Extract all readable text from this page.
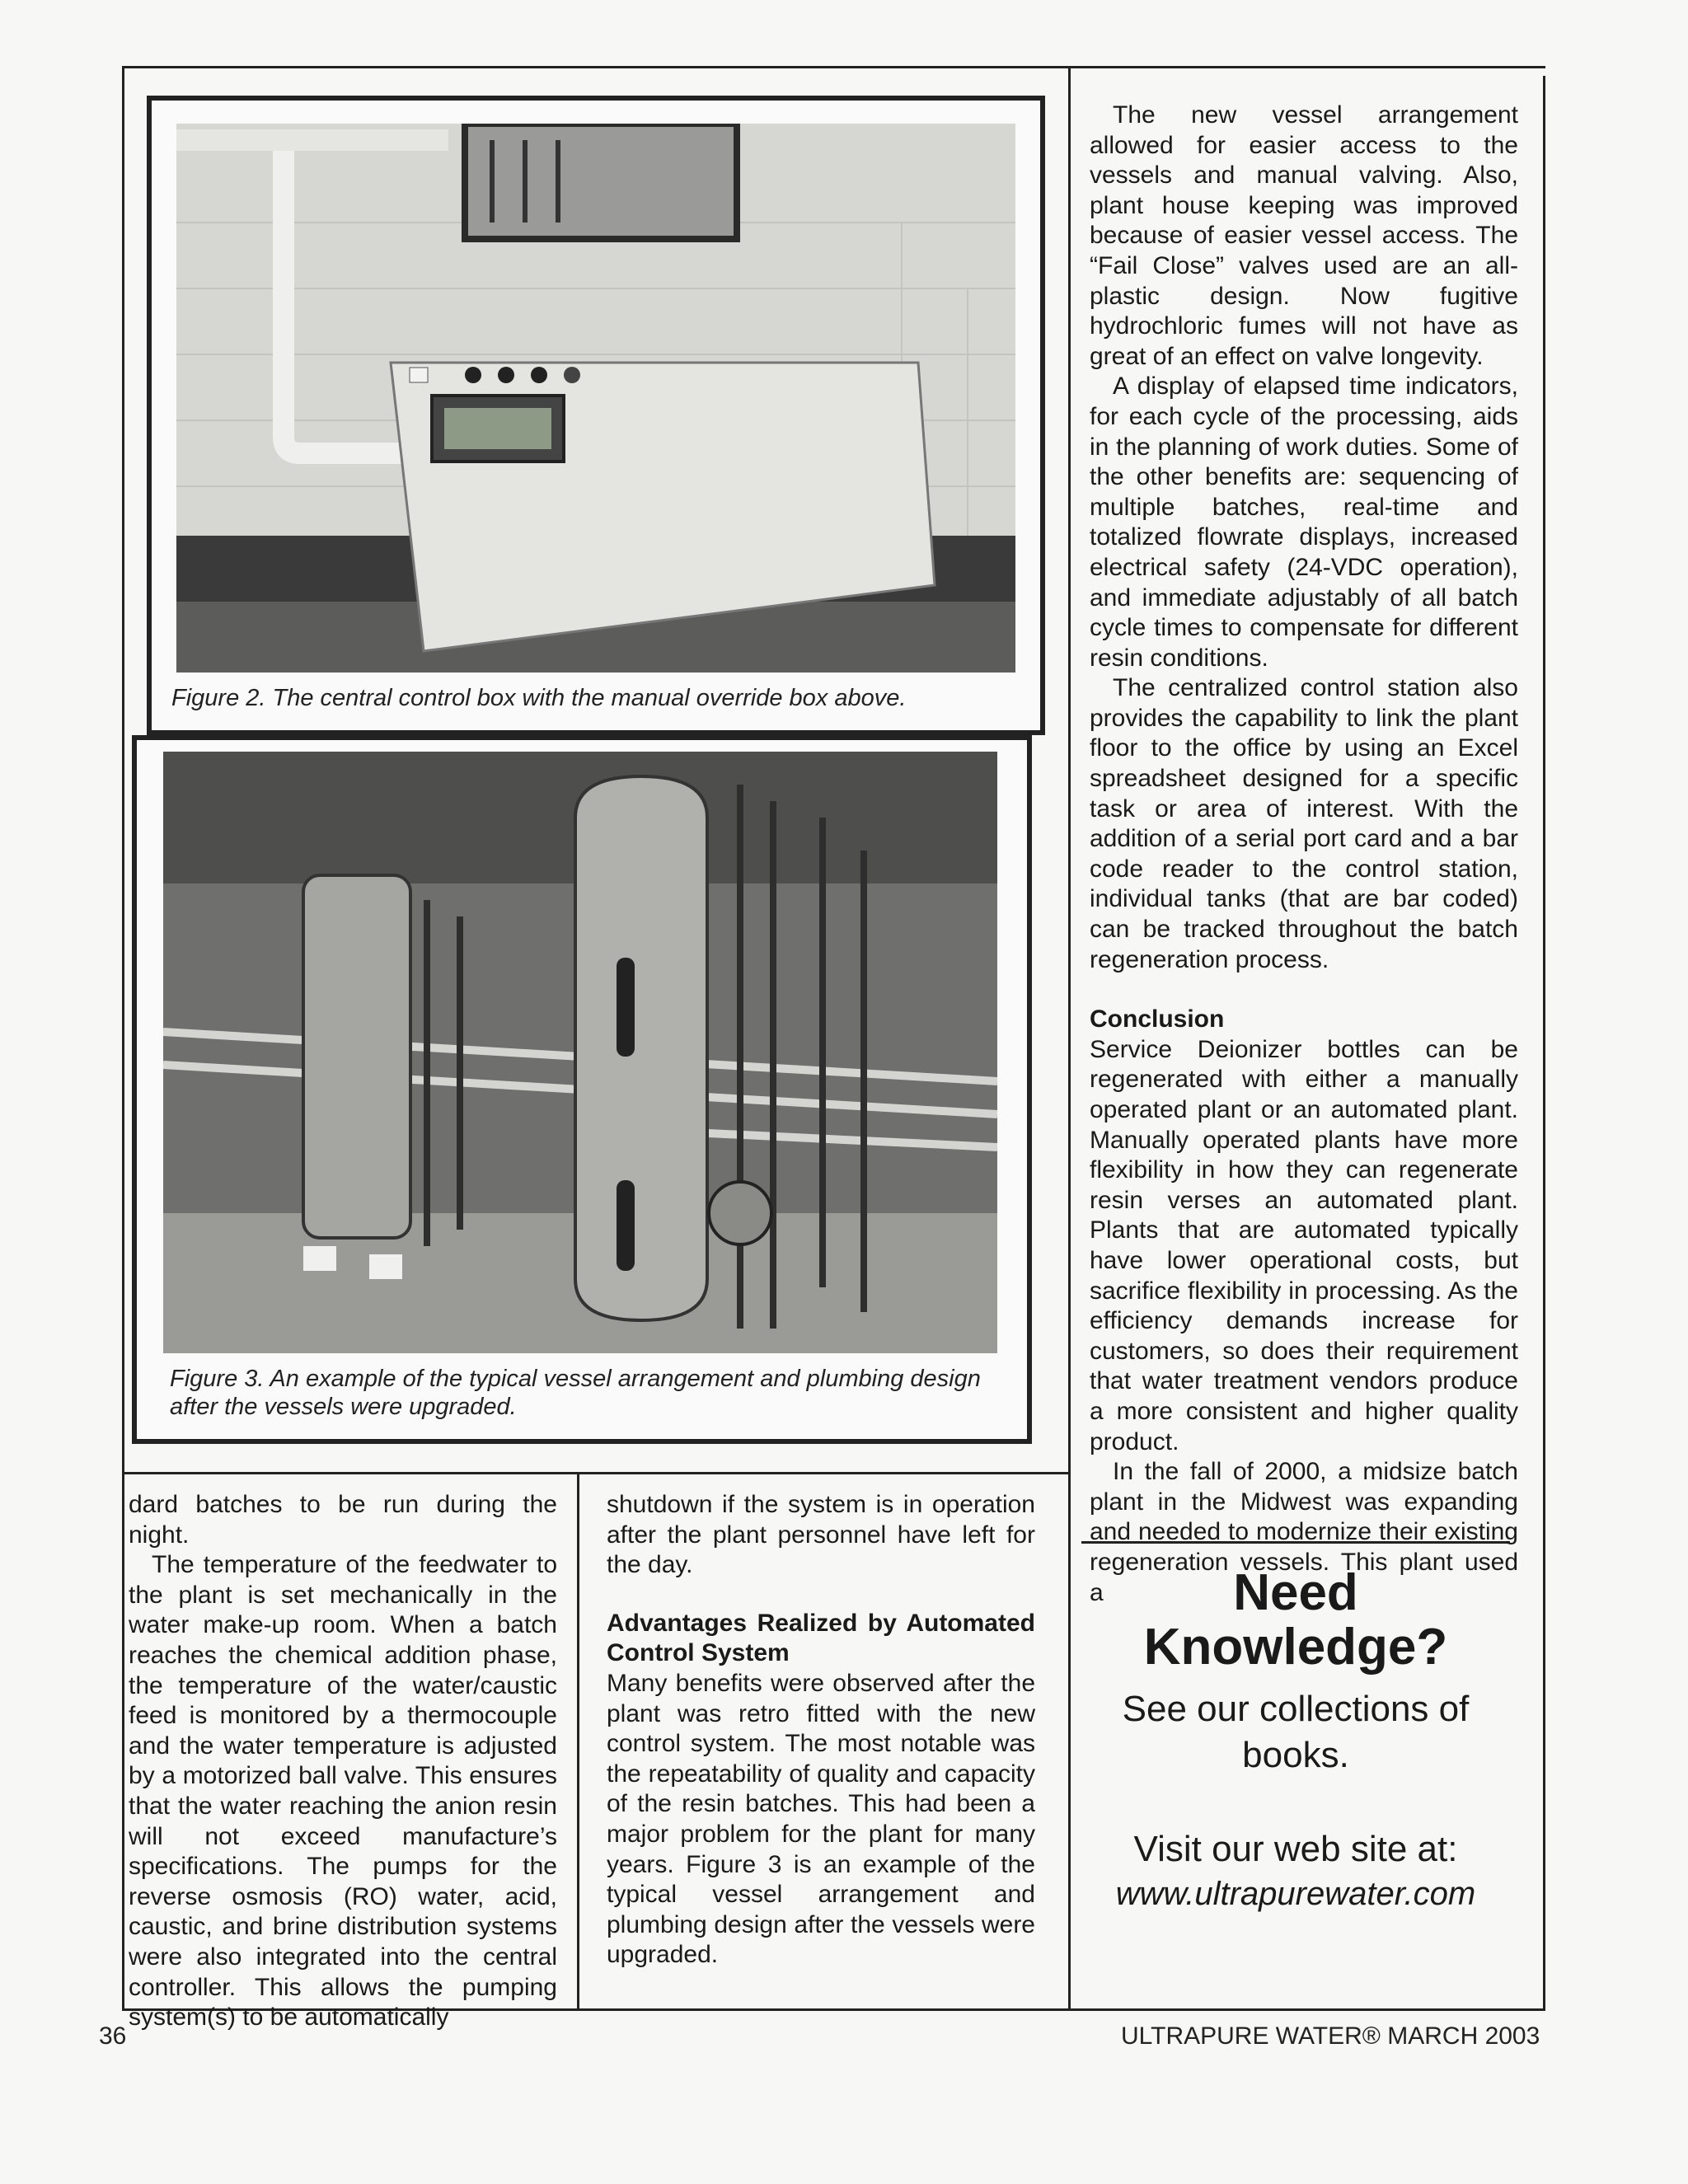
Figure 2. The central control box with the manual override box above.
Figure 3. An example of the typical vessel arrangement and plumbing design after the vessels were upgraded.

The new vessel arrangement allowed for easier access to the vessels and manual valving. Also, plant house keeping was improved because of easier vessel access. The “Fail Close” valves used are an all-plastic design. Now fugitive hydrochloric fumes will not have as great of an effect on valve longevity.

A display of elapsed time indicators, for each cycle of the processing, aids in the planning of work duties. Some of the other benefits are: sequencing of multiple batches, real-time and totalized flowrate displays, increased electrical safety (24-VDC operation), and immediate adjustably of all batch cycle times to compensate for different resin conditions.

The centralized control station also provides the capability to link the plant floor to the office by using an Excel spreadsheet designed for a specific task or area of interest. With the addition of a serial port card and a bar code reader to the control station, individual tanks (that are bar coded) can be tracked throughout the batch regeneration process.

Conclusion

Service Deionizer bottles can be regenerated with either a manually operated plant or an automated plant. Manually operated plants have more flexibility in how they can regenerate resin verses an automated plant. Plants that are automated typically have lower operational costs, but sacrifice flexibility in processing. As the efficiency demands increase for customers, so does their requirement that water treatment vendors produce a more consistent and higher quality product.

In the fall of 2000, a midsize batch plant in the Midwest was expanding and needed to modernize their existing regeneration vessels. This plant used a

dard batches to be run during the night.

The temperature of the feedwater to the plant is set mechanically in the water make-up room. When a batch reaches the chemical addition phase, the temperature of the water/caustic feed is monitored by a thermocouple and the water temperature is adjusted by a motorized ball valve. This ensures that the water reaching the anion resin will not exceed manufacture’s specifications. The pumps for the reverse osmosis (RO) water, acid, caustic, and brine distribution systems were also integrated into the central controller. This allows the pumping system(s) to be automatically

shutdown if the system is in operation after the plant personnel have left for the day.

Advantages Realized by Automated Control System

Many benefits were observed after the plant was retro fitted with the new control system. The most notable was the repeatability of quality and capacity of the resin batches. This had been a major problem for the plant for many years. Figure 3 is an example of the typical vessel arrangement and plumbing design after the vessels were upgraded.

Need
Knowledge?
See our collections of
books.
Visit our web site at:
www.ultrapurewater.com
36	ULTRAPURE WATER® MARCH 2003
